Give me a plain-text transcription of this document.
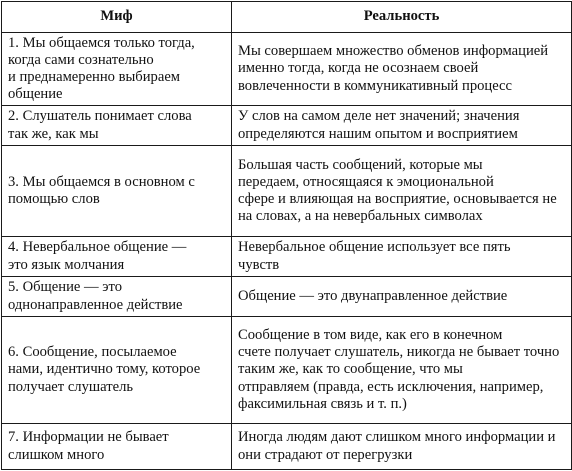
Миф	Реальность
1. Мы общаемся только тогда, когда сами сознательно
и преднамеренно выбираем
общение	Мы совершаем множество обменов информацией именно тогда, когда не осознаем своей
вовлеченности в коммуникативный процесс
2. Слушатель понимает слова
так же, как мы	У слов на самом деле нет значений; значения
определяются нашим опытом и восприятием
3. Мы общаемся в основном с
помощью слов	Большая часть сообщений, которые мы
передаем, относящаяся к эмоциональной
сфере и влияющая на восприятие, основывается не на словах, а на невербальных символах
4. Невербальное общение —
это язык молчания	Невербальное общение использует все пять
чувств
5. Общение — это однонаправленное действие	Общение — это двунаправленное действие
6. Сообщение, посылаемое
нами, идентично тому, которое получает слушатель	Сообщение в том виде, как его в конечном
счете получает слушатель, никогда не бывает точно таким же, как то сообщение, что мы
отправляем (правда, есть исключения, например, факсимильная связь и т. п.)
7. Информации не бывает
слишком много	Иногда людям дают слишком много информации и они страдают от перегрузки
